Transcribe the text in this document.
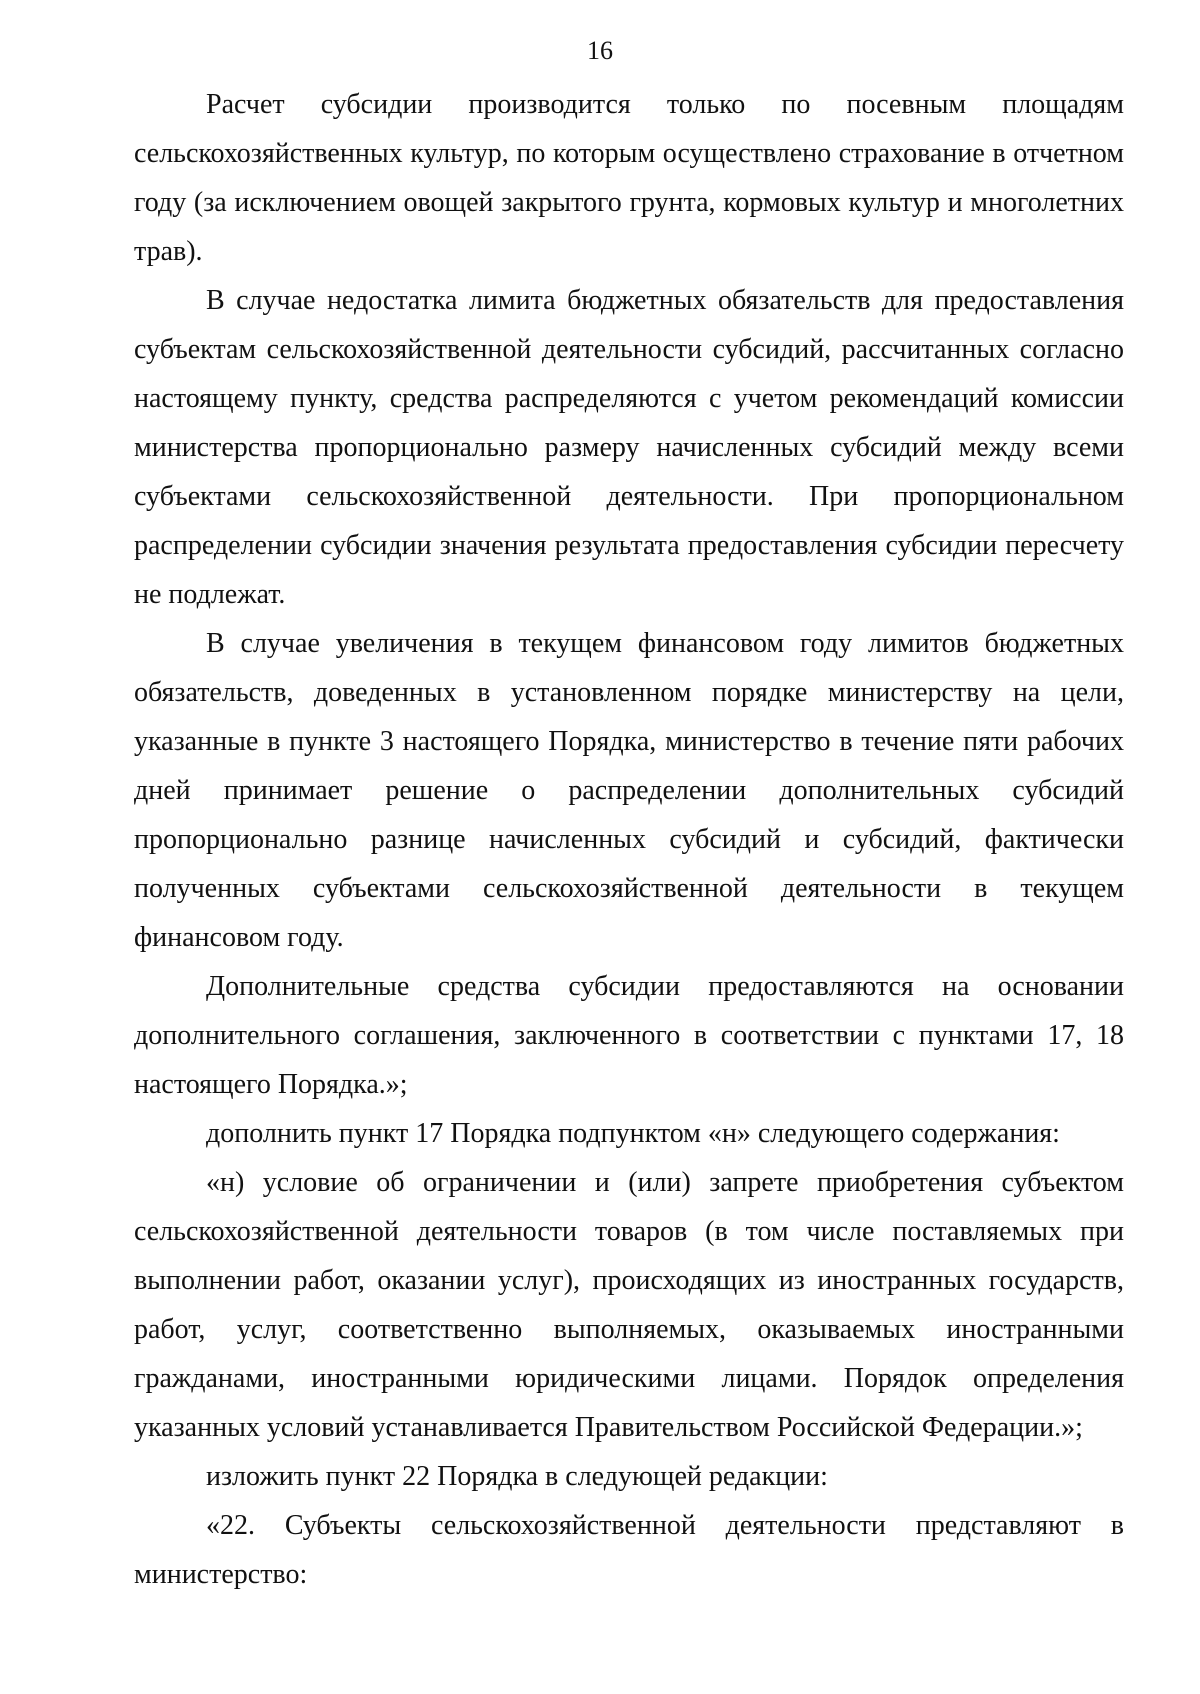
16

Расчет субсидии производится только по посевным площадям сельскохозяйственных культур, по которым осуществлено страхование в отчетном году (за исключением овощей закрытого грунта, кормовых культур и многолетних трав).

В случае недостатка лимита бюджетных обязательств для предоставления субъектам сельскохозяйственной деятельности субсидий, рассчитанных согласно настоящему пункту, средства распределяются с учетом рекомендаций комиссии министерства пропорционально размеру начисленных субсидий между всеми субъектами сельскохозяйственной деятельности. При пропорциональном распределении субсидии значения результата предоставления субсидии пересчету не подлежат.

В случае увеличения в текущем финансовом году лимитов бюджетных обязательств, доведенных в установленном порядке министерству на цели, указанные в пункте 3 настоящего Порядка, министерство в течение пяти рабочих дней принимает решение о распределении дополнительных субсидий пропорционально разнице начисленных субсидий и субсидий, фактически полученных субъектами сельскохозяйственной деятельности в текущем финансовом году.

Дополнительные средства субсидии предоставляются на основании дополнительного соглашения, заключенного в соответствии с пунктами 17, 18 настоящего Порядка.»;

дополнить пункт 17 Порядка подпунктом «н» следующего содержания:

«н) условие об ограничении и (или) запрете приобретения субъектом сельскохозяйственной деятельности товаров (в том числе поставляемых при выполнении работ, оказании услуг), происходящих из иностранных государств, работ, услуг, соответственно выполняемых, оказываемых иностранными гражданами, иностранными юридическими лицами. Порядок определения указанных условий устанавливается Правительством Российской Федерации.»;

изложить пункт 22 Порядка в следующей редакции:

«22. Субъекты сельскохозяйственной деятельности представляют в министерство:
